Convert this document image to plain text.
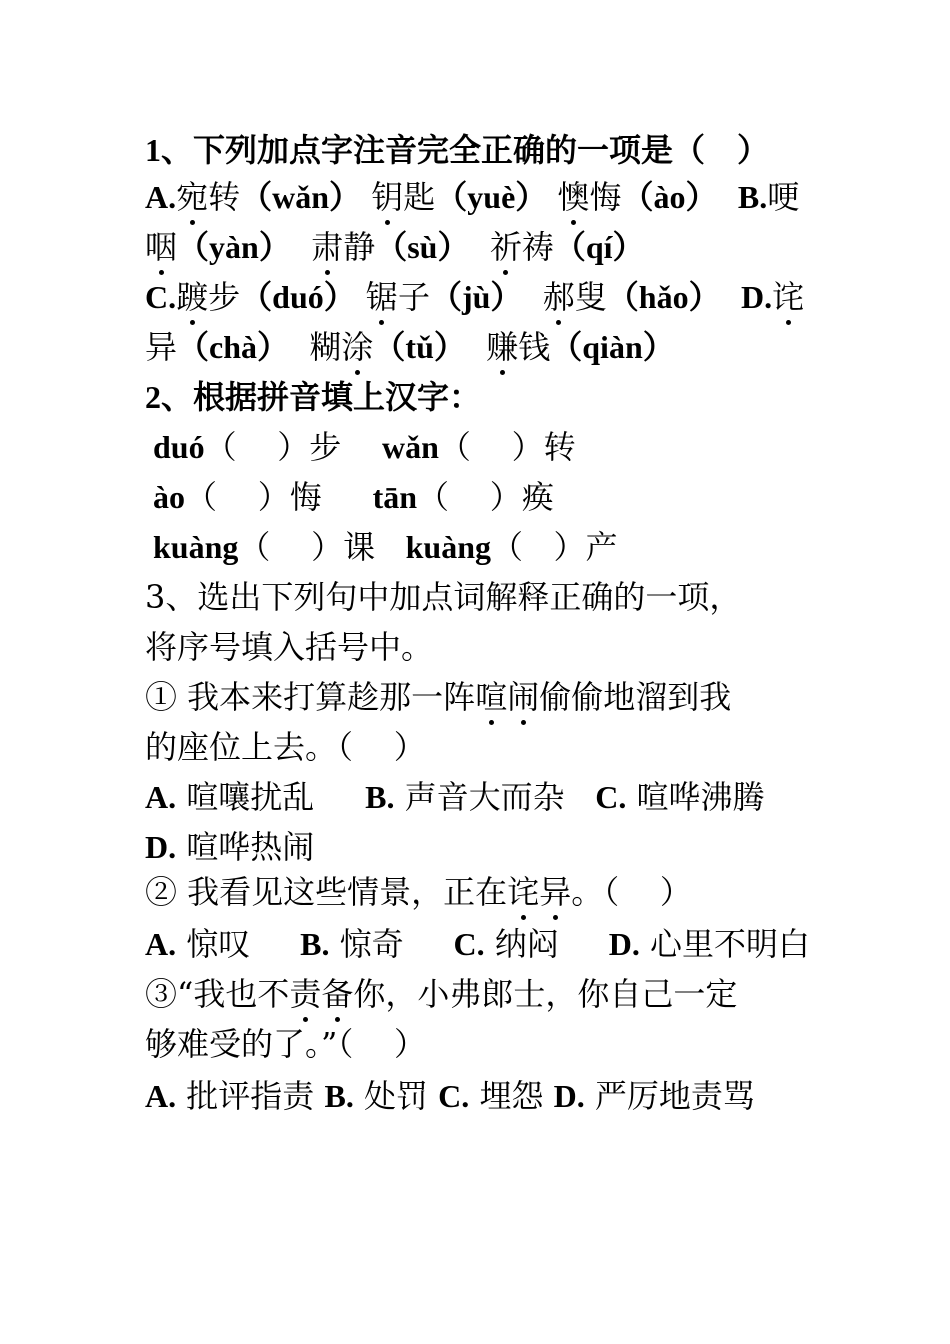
1、下列加点字注音完全正确的一项是（    ）
A.宛转（wǎn） 钥匙（yuè） 懊悔（ào） B.哽
咽（yàn） 肃静（sù） 祈祷（qí）
C.踱步（duó） 锯子（jù） 郝叟（hǎo） D.诧
异（chà）  糊涂（tǔ） 赚钱（qiàn）
2、根据拼音填上汉字：
duó（    ）步 wǎn（    ）转
ào（    ）悔 tān（    ）痪
kuàng（    ）课 kuàng（   ）产
3、选出下列句中加点词解释正确的一项，
将序号填入括号中。
① 我本来打算趁那一阵喧闹偷偷地溜到我
的座位上去。（    ）
A. 喧嚷扰乱 B. 声音大而杂 C. 喧哗沸腾
D. 喧哗热闹
② 我看见这些情景，正在诧异。（    ）
A. 惊叹 B. 惊奇 C. 纳闷 D. 心里不明白
③“我也不责备你，小弗郎士，你自己一定
够难受的了。”（    ）
A. 批评指责 B. 处罚 C. 埋怨 D. 严厉地责骂
